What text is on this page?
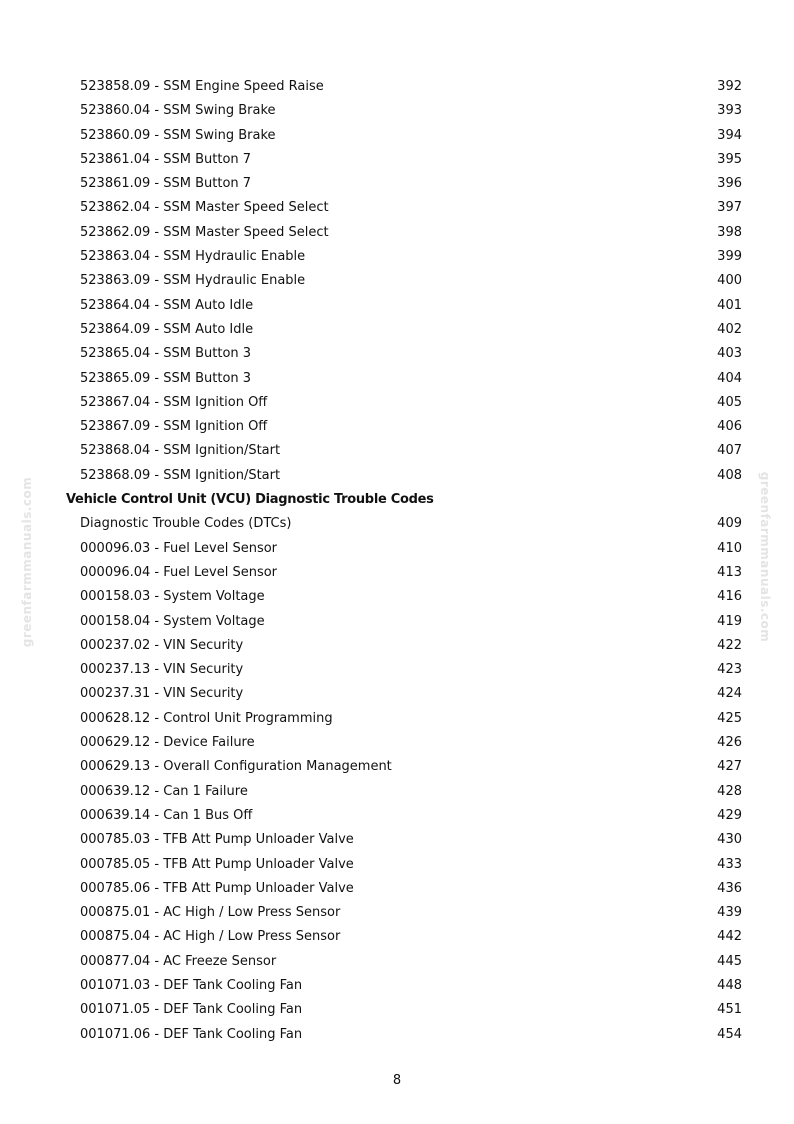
523858.09 - SSM Engine Speed Raise	392
523860.04 - SSM Swing Brake	393
523860.09 - SSM Swing Brake	394
523861.04 - SSM Button 7	395
523861.09 - SSM Button 7	396
523862.04 - SSM Master Speed Select	397
523862.09 - SSM Master Speed Select	398
523863.04 - SSM Hydraulic Enable	399
523863.09 - SSM Hydraulic Enable	400
523864.04 - SSM Auto Idle	401
523864.09 - SSM Auto Idle	402
523865.04 - SSM Button 3	403
523865.09 - SSM Button 3	404
523867.04 - SSM Ignition Off	405
523867.09 - SSM Ignition Off	406
523868.04 - SSM Ignition/Start	407
523868.09 - SSM Ignition/Start	408
Vehicle Control Unit (VCU) Diagnostic Trouble Codes
Diagnostic Trouble Codes (DTCs)	409
000096.03 - Fuel Level Sensor	410
000096.04 - Fuel Level Sensor	413
000158.03 - System Voltage	416
000158.04 - System Voltage	419
000237.02 - VIN Security	422
000237.13 - VIN Security	423
000237.31 - VIN Security	424
000628.12 - Control Unit Programming	425
000629.12 - Device Failure	426
000629.13 - Overall Configuration Management	427
000639.12 - Can 1 Failure	428
000639.14 - Can 1 Bus Off	429
000785.03 - TFB Att Pump Unloader Valve	430
000785.05 - TFB Att Pump Unloader Valve	433
000785.06 - TFB Att Pump Unloader Valve	436
000875.01 - AC High / Low Press Sensor	439
000875.04 - AC High / Low Press Sensor	442
000877.04 - AC Freeze Sensor	445
001071.03 - DEF Tank Cooling Fan	448
001071.05 - DEF Tank Cooling Fan	451
001071.06 - DEF Tank Cooling Fan	454
greenfarmmanuals.com	greenfarmmanuals.com
8
